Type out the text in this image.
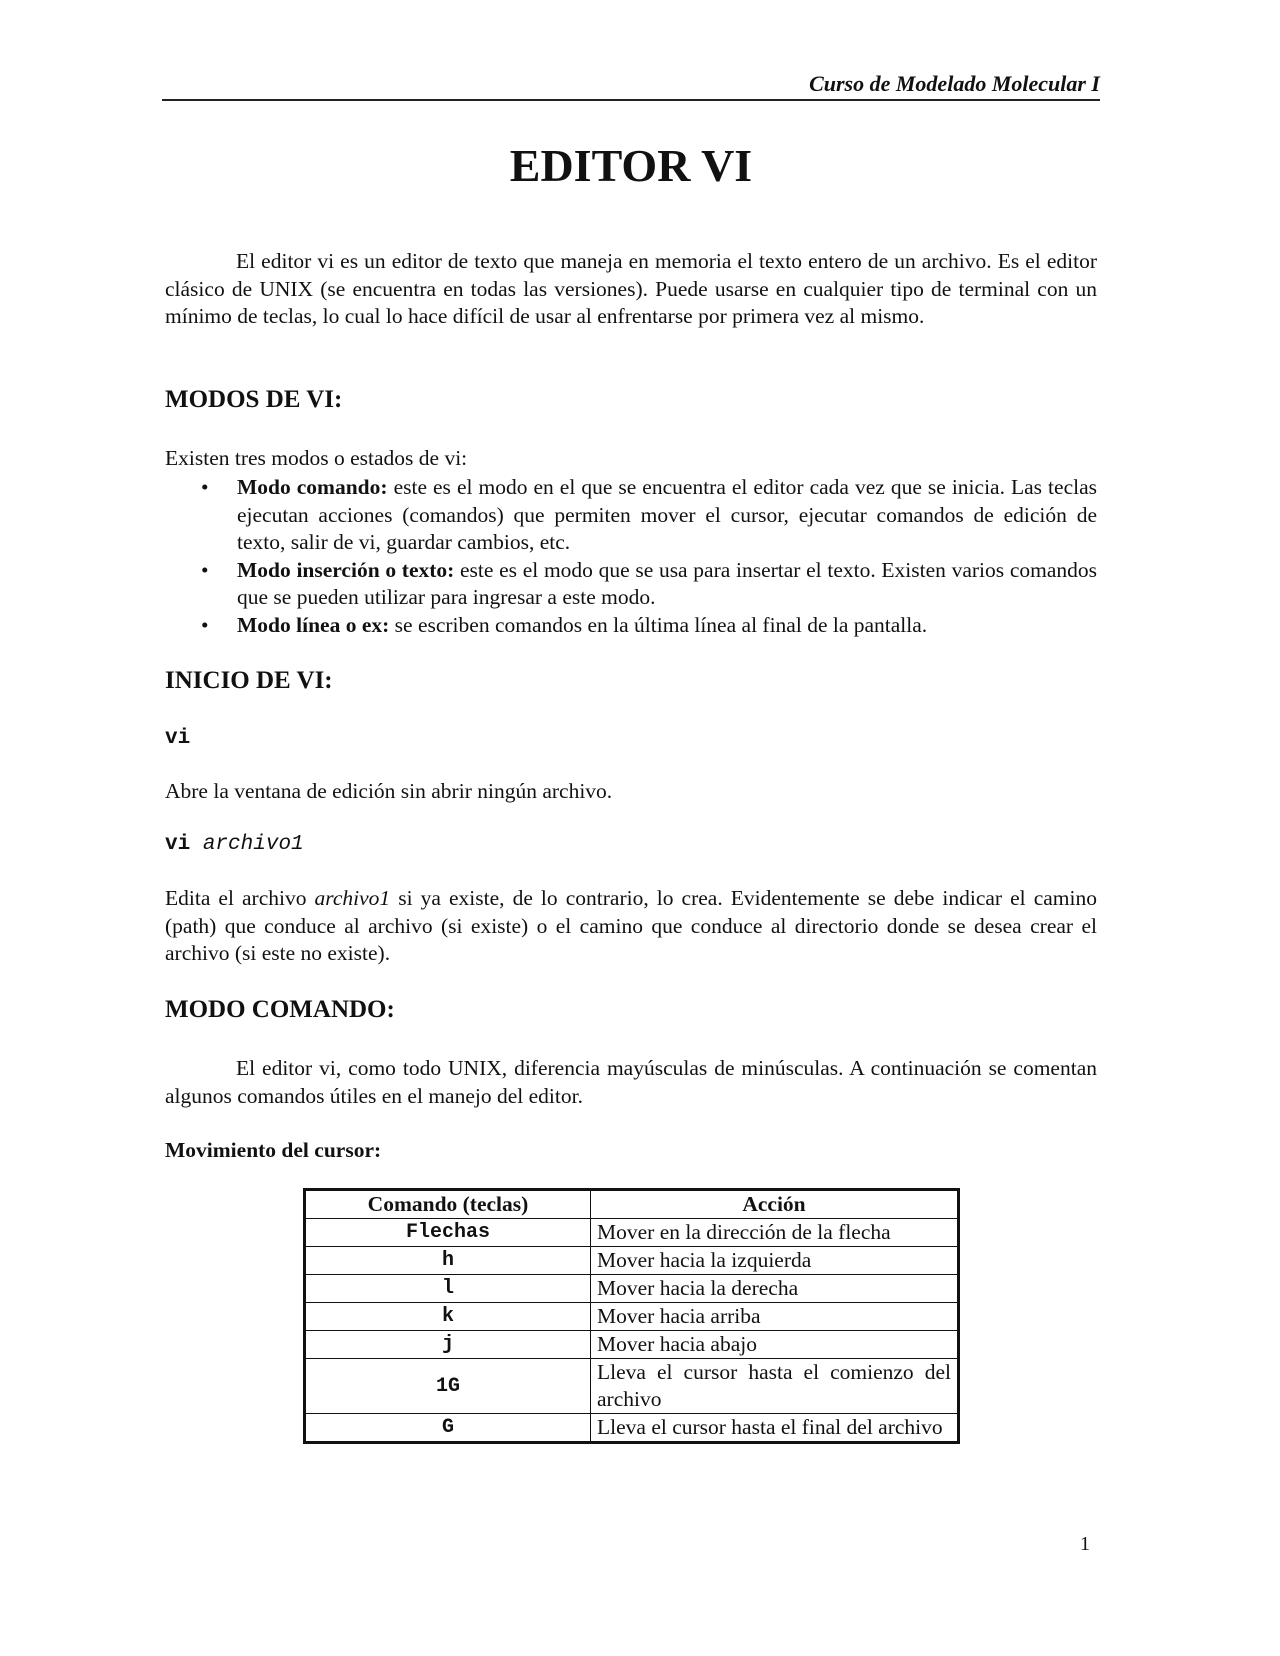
Curso de Modelado Molecular I
EDITOR VI

El editor vi es un editor de texto que maneja en memoria el texto entero de un archivo. Es el editor clásico de UNIX (se encuentra en todas las versiones). Puede usarse en cualquier tipo de terminal con un mínimo de teclas, lo cual lo hace difícil de usar al enfrentarse por primera vez al mismo.

MODOS DE VI:
Existen tres modos o estados de vi:
• Modo comando: este es el modo en el que se encuentra el editor cada vez que se inicia. Las teclas ejecutan acciones (comandos) que permiten mover el cursor, ejecutar comandos de edición de texto, salir de vi, guardar cambios, etc.
• Modo inserción o texto: este es el modo que se usa para insertar el texto. Existen varios comandos que se pueden utilizar para ingresar a este modo.
• Modo línea o ex: se escriben comandos en la última línea al final de la pantalla.
INICIO DE VI:
vi
Abre la ventana de edición sin abrir ningún archivo.
vi archivo1

Edita el archivo archivo1 si ya existe, de lo contrario, lo crea. Evidentemente se debe indicar el camino (path) que conduce al archivo (si existe) o el camino que conduce al directorio donde se desea crear el archivo (si este no existe).

MODO COMANDO:

El editor vi, como todo UNIX, diferencia mayúsculas de minúsculas. A continuación se comentan algunos comandos útiles en el manejo del editor.

Movimiento del cursor:
Comando (teclas)	Acción
Flechas	Mover en la dirección de la flecha
h	Mover hacia la izquierda
l	Mover hacia la derecha
k	Mover hacia arriba
j	Mover hacia abajo
1G	Lleva el cursor hasta el comienzo del archivo
G	Lleva el cursor hasta el final del archivo
1
